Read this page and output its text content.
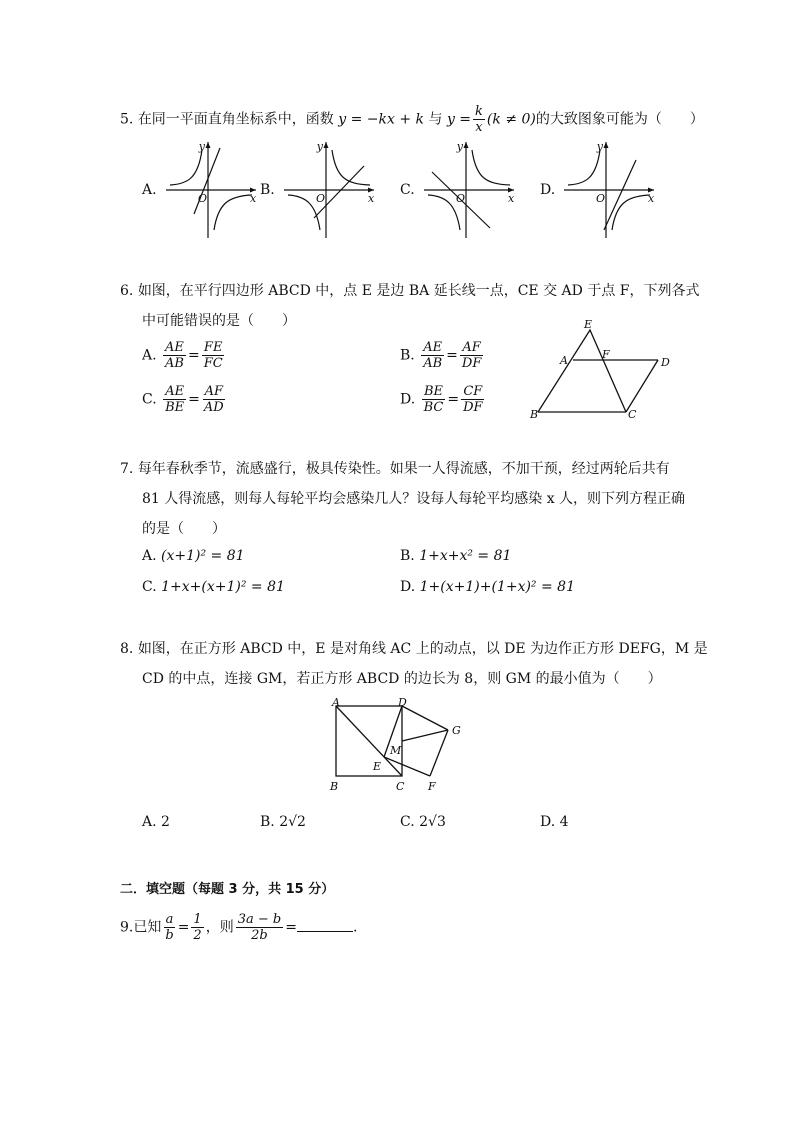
5. 在同一平面直角坐标系中，函数 y = −kx + k 与 $y = \frac{k}{x} (k \ne 0)$的大致图象可能为（　　）
A.	B.	C.	D.
y
x
O
y
x
O
y
x
O
y
x
O
6. 如图，在平行四边形 ABCD 中，点 E 是边 BA 延长线一点，CE 交 AD 于点 F，下列各式
中可能错误的是（　　）
A. $\frac{AE}{AB} = \frac{FE}{FC}$	B. $\frac{AE}{AB} = \frac{AF}{DF}$
C. $\frac{AE}{BE} = \frac{AF}{AD}$	D. $\frac{BE}{BC} = \frac{CF}{DF}$
E
A	F
D
B	C
7. 每年春秋季节，流感盛行，极具传染性。如果一人得流感，不加干预，经过两轮后共有
81 人得流感，则每人每轮平均会感染几人？设每人每轮平均感染 x 人，则下列方程正确
的是（　　）
A. (x+1)² = 81	B. 1+x+x² = 81
C. 1+x+(x+1)² = 81	D. 1+(x+1)+(1+x)² = 81
8. 如图，在正方形 ABCD 中，E 是对角线 AC 上的动点，以 DE 为边作正方形 DEFG，M 是
CD 的中点，连接 GM，若正方形 ABCD 的边长为 8，则 GM 的最小值为（　　）
A	D
G
M
E
B	C F
A. 2	B. 2√2	C. 2√3	D. 4
二．填空题（每题 3 分，共 15 分）
9.已知 $\frac{a}{b} = \frac{1}{2}$ ，则 $\frac{3a - b}{2b}$ =	.
